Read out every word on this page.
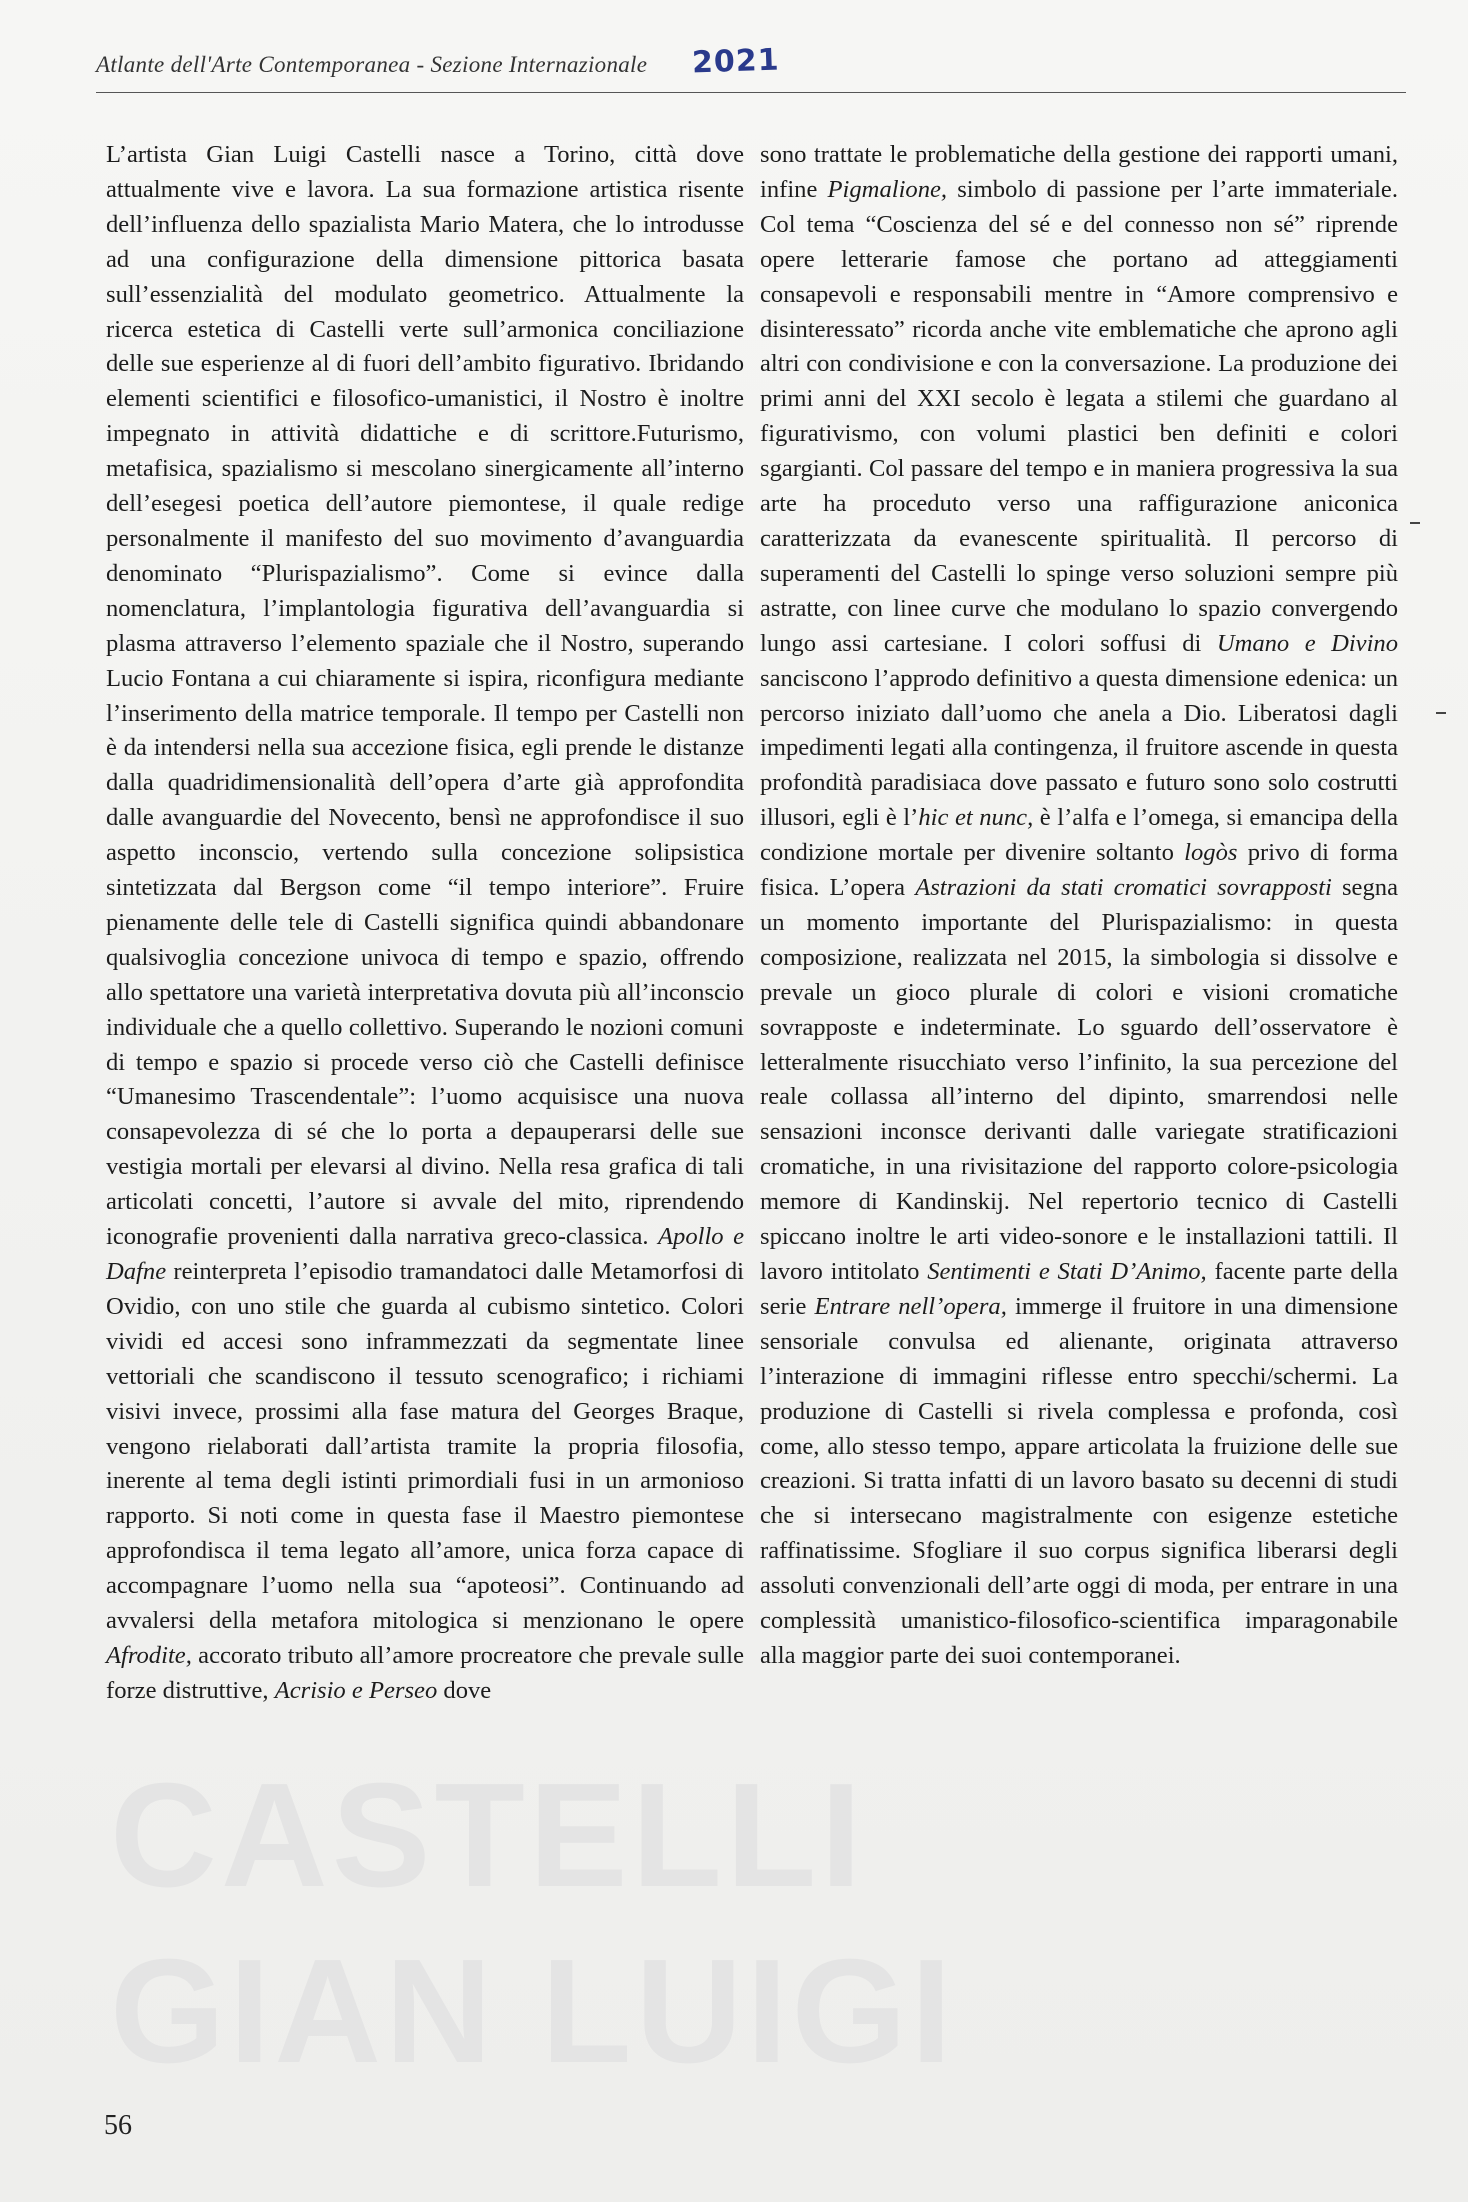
Atlante dell'Arte Contemporanea - Sezione Internazionale 2021
CASTELLI
GIAN LUIGI

L’artista Gian Luigi Castelli nasce a Torino, città dove attualmente vive e lavora. La sua formazione artistica risente dell’influenza dello spazialista Mario Matera, che lo introdusse ad una configurazione della dimensione pittorica basata sull’essenzialità del modulato geometrico. Attualmente la ricerca estetica di Castelli verte sull’armonica conciliazione delle sue esperienze al di fuori dell’ambito figurativo. Ibridando elementi scientifici e filosofico-umanistici, il Nostro è inoltre impegnato in attività didattiche e di scrittore.Futurismo, metafisica, spazialismo si mescolano sinergicamente all’interno dell’esegesi poetica dell’autore piemontese, il quale redige personalmente il manifesto del suo movimento d’avanguardia denominato “Plurispazialismo”. Come si evince dalla nomenclatura, l’implantologia figurativa dell’avanguardia si plasma attraverso l’elemento spaziale che il Nostro, superando Lucio Fontana a cui chiaramente si ispira, riconfigura mediante l’inserimento della matrice temporale. Il tempo per Castelli non è da intendersi nella sua accezione fisica, egli prende le distanze dalla quadridimensionalità dell’opera d’arte già approfondita dalle avanguardie del Novecento, bensì ne approfondisce il suo aspetto inconscio, vertendo sulla concezione solipsistica sintetizzata dal Bergson come “il tempo interiore”. Fruire pienamente delle tele di Castelli significa quindi abbandonare qualsivoglia concezione univoca di tempo e spazio, offrendo allo spettatore una varietà interpretativa dovuta più all’inconscio individuale che a quello collettivo. Superando le nozioni comuni di tempo e spazio si procede verso ciò che Castelli definisce “Umanesimo Trascendentale”: l’uomo acquisisce una nuova consapevolezza di sé che lo porta a depauperarsi delle sue vestigia mortali per elevarsi al divino. Nella resa grafica di tali articolati concetti, l’autore si avvale del mito, riprendendo iconografie provenienti dalla narrativa greco-classica. Apollo e Dafne reinterpreta l’episodio tramandatoci dalle Metamorfosi di Ovidio, con uno stile che guarda al cubismo sintetico. Colori vividi ed accesi sono inframmezzati da segmentate linee vettoriali che scandiscono il tessuto scenografico; i richiami visivi invece, prossimi alla fase matura del Georges Braque, vengono rielaborati dall’artista tramite la propria filosofia, inerente al tema degli istinti primordiali fusi in un armonioso rapporto. Si noti come in questa fase il Maestro piemontese approfondisca il tema legato all’amore, unica forza capace di accompagnare l’uomo nella sua “apoteosi”. Continuando ad avvalersi della metafora mitologica si menzionano le opere Afrodite, accorato tributo all’amore procreatore che prevale sulle forze distruttive, Acrisio e Perseo dove

sono trattate le problematiche della gestione dei rapporti umani, infine Pigmalione, simbolo di passione per l’arte immateriale. Col tema “Coscienza del sé e del connesso non sé” riprende opere letterarie famose che portano ad atteggiamenti consapevoli e responsabili mentre in “Amore comprensivo e disinteressato” ricorda anche vite emblematiche che aprono agli altri con condivisione e con la conversazione. La produzione dei primi anni del XXI secolo è legata a stilemi che guardano al figurativismo, con volumi plastici ben definiti e colori sgargianti. Col passare del tempo e in maniera progressiva la sua arte ha proceduto verso una raffigurazione aniconica caratterizzata da evanescente spiritualità. Il percorso di superamenti del Castelli lo spinge verso soluzioni sempre più astratte, con linee curve che modulano lo spazio convergendo lungo assi cartesiane. I colori soffusi di Umano e Divino sanciscono l’approdo definitivo a questa dimensione edenica: un percorso iniziato dall’uomo che anela a Dio. Liberatosi dagli impedimenti legati alla contingenza, il fruitore ascende in questa profondità paradisiaca dove passato e futuro sono solo costrutti illusori, egli è l’hic et nunc, è l’alfa e l’omega, si emancipa della condizione mortale per divenire soltanto logòs privo di forma fisica. L’opera Astrazioni da stati cromatici sovrapposti segna un momento importante del Plurispazialismo: in questa composizione, realizzata nel 2015, la simbologia si dissolve e prevale un gioco plurale di colori e visioni cromatiche sovrapposte e indeterminate. Lo sguardo dell’osservatore è letteralmente risucchiato verso l’infinito, la sua percezione del reale collassa all’interno del dipinto, smarrendosi nelle sensazioni inconsce derivanti dalle variegate stratificazioni cromatiche, in una rivisitazione del rapporto colore-psicologia memore di Kandinskij. Nel repertorio tecnico di Castelli spiccano inoltre le arti video-sonore e le installazioni tattili. Il lavoro intitolato Sentimenti e Stati D’Animo, facente parte della serie Entrare nell’opera, immerge il fruitore in una dimensione sensoriale convulsa ed alienante, originata attraverso l’interazione di immagini riflesse entro specchi/schermi. La produzione di Castelli si rivela complessa e profonda, così come, allo stesso tempo, appare articolata la fruizione delle sue creazioni. Si tratta infatti di un lavoro basato su decenni di studi che si intersecano magistralmente con esigenze estetiche raffinatissime. Sfogliare il suo corpus significa liberarsi degli assoluti convenzionali dell’arte oggi di moda, per entrare in una complessità umanistico-filosofico-scientifica imparagonabile alla maggior parte dei suoi contemporanei.

56
